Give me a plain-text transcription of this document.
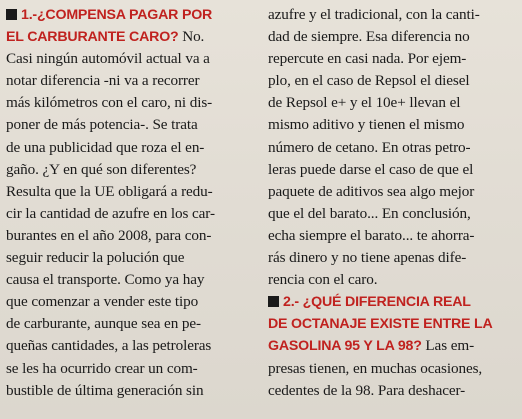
1.-¿COMPENSA PAGAR POR
EL CARBURANTE CARO? No.
Casi ningún automóvil actual va a
notar diferencia -ni va a recorrer
más kilómetros con el caro, ni dis-
poner de más potencia-. Se trata
de una publicidad que roza el en-
gaño. ¿Y en qué son diferentes?
Resulta que la UE obligará a redu-
cir la cantidad de azufre en los car-
burantes en el año 2008, para con-
seguir reducir la polución que
causa el transporte. Como ya hay
que comenzar a vender este tipo
de carburante, aunque sea en pe-
queñas cantidades, a las petroleras
se les ha ocurrido crear un com-
bustible de última generación sin
azufre y el tradicional, con la canti-
dad de siempre. Esa diferencia no
repercute en casi nada. Por ejem-
plo, en el caso de Repsol el diesel
de Repsol e+ y el 10e+ llevan el
mismo aditivo y tienen el mismo
número de cetano. En otras petro-
leras puede darse el caso de que el
paquete de aditivos sea algo mejor
que el del barato... En conclusión,
echa siempre el barato... te ahorra-
rás dinero y no tiene apenas dife-
rencia con el caro.
2.- ¿QUÉ DIFERENCIA REAL
DE OCTANAJE EXISTE ENTRE LA
GASOLINA 95 Y LA 98? Las em-
presas tienen, en muchas ocasiones,
cedentes de la 98. Para deshacer-
